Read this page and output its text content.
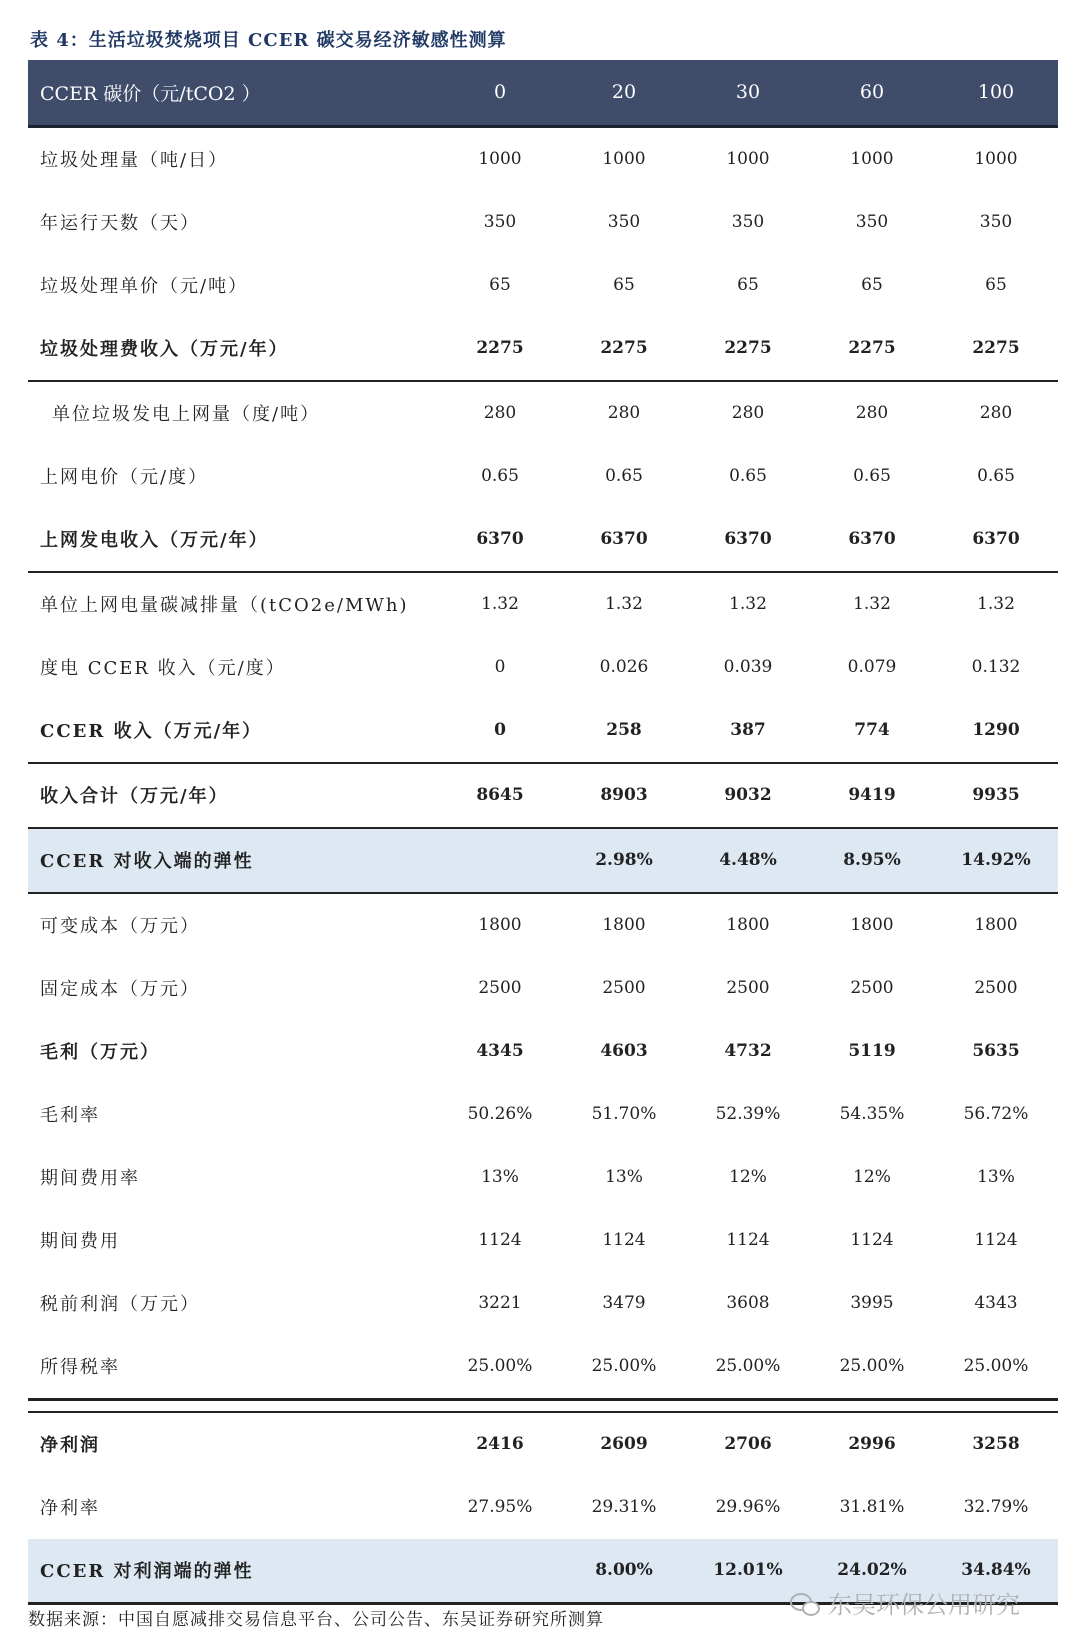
表 4：生活垃圾焚烧项目 CCER 碳交易经济敏感性测算
CCER 碳价（元/tCO2 ）	0	20	30	60	100
垃圾处理量（吨/日）	1000	1000	1000	1000	1000
年运行天数（天）	350	350	350	350	350
垃圾处理单价（元/吨）	65	65	65	65	65
垃圾处理费收入（万元/年）	2275	2275	2275	2275	2275
单位垃圾发电上网量（度/吨）	280	280	280	280	280
上网电价（元/度）	0.65	0.65	0.65	0.65	0.65
上网发电收入（万元/年）	6370	6370	6370	6370	6370
单位上网电量碳减排量（(tCO2e/MWh)	1.32	1.32	1.32	1.32	1.32
度电 CCER 收入（元/度）	0	0.026	0.039	0.079	0.132
CCER 收入（万元/年）	0	258	387	774	1290
收入合计（万元/年）	8645	8903	9032	9419	9935
CCER 对收入端的弹性		2.98%	4.48%	8.95%	14.92%
可变成本（万元）	1800	1800	1800	1800	1800
固定成本（万元）	2500	2500	2500	2500	2500
毛利（万元）	4345	4603	4732	5119	5635
毛利率	50.26%	51.70%	52.39%	54.35%	56.72%
期间费用率	13%	13%	12%	12%	13%
期间费用	1124	1124	1124	1124	1124
税前利润（万元）	3221	3479	3608	3995	4343
所得税率	25.00%	25.00%	25.00%	25.00%	25.00%

净利润	2416	2609	2706	2996	3258
净利率	27.95%	29.31%	29.96%	31.81%	32.79%
CCER 对利润端的弹性		8.00%	12.01%	24.02%	34.84%
数据来源：中国自愿减排交易信息平台、公司公告、东吴证券研究所测算
东吴环保公用研究
